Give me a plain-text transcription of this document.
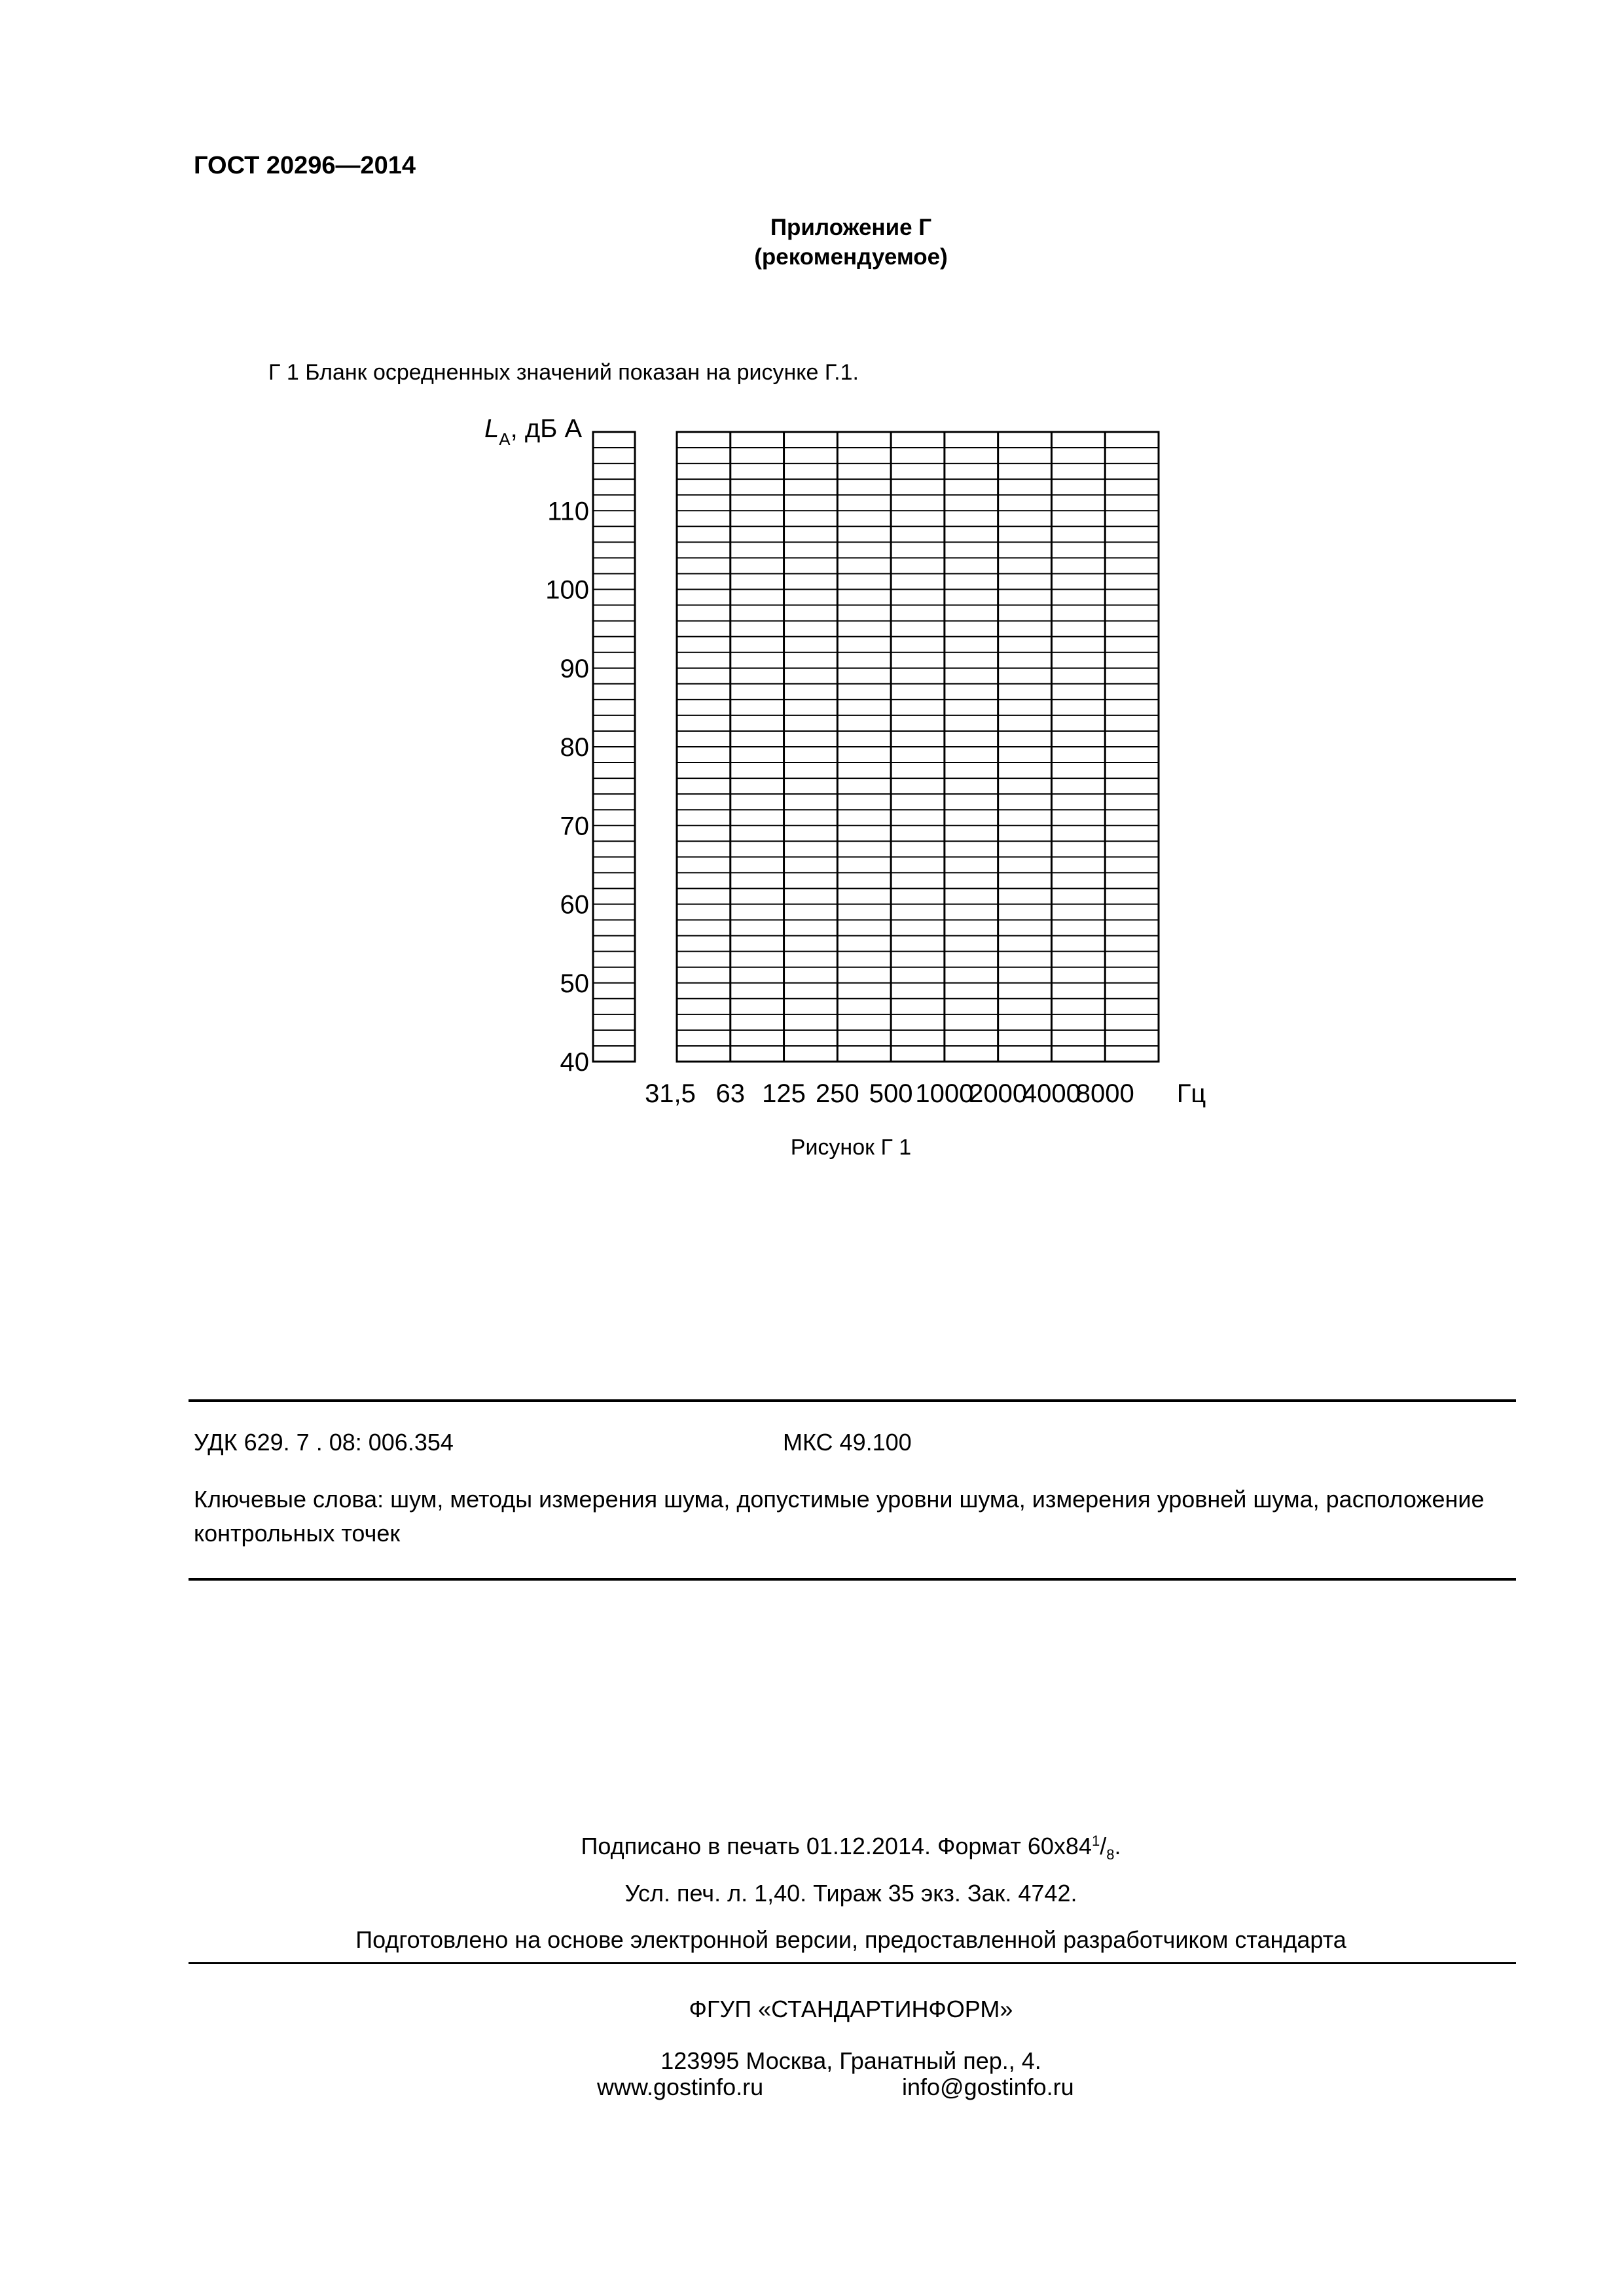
ГОСТ 20296—2014
Приложение Г
(рекомендуемое)
Г 1 Бланк осредненных значений показан на рисунке Г.1.
$L_A$, дБ А
40
50
60
70
80
90
100
110
31,5 63 125 250 500 1000
2000
4000
8000 Гц
Рисунок Г 1
УДК 629. 7 . 08: 006.354	МКС 49.100
Ключевые слова: шум, методы измерения шума, допустимые уровни шума, измерения уровней шума, расположение контрольных точек
Подписано в печать 01.12.2014. Формат $60x84^1/_8$.
Усл. печ. л. 1,40. Тираж 35 экз. Зак. 4742.
Подготовлено на основе электронной версии, предоставленной разработчиком стандарта
ФГУП «СТАНДАРТИНФОРМ»
123995 Москва, Гранатный пер., 4.
www.gostinfo.ru	info@gostinfo.ru
